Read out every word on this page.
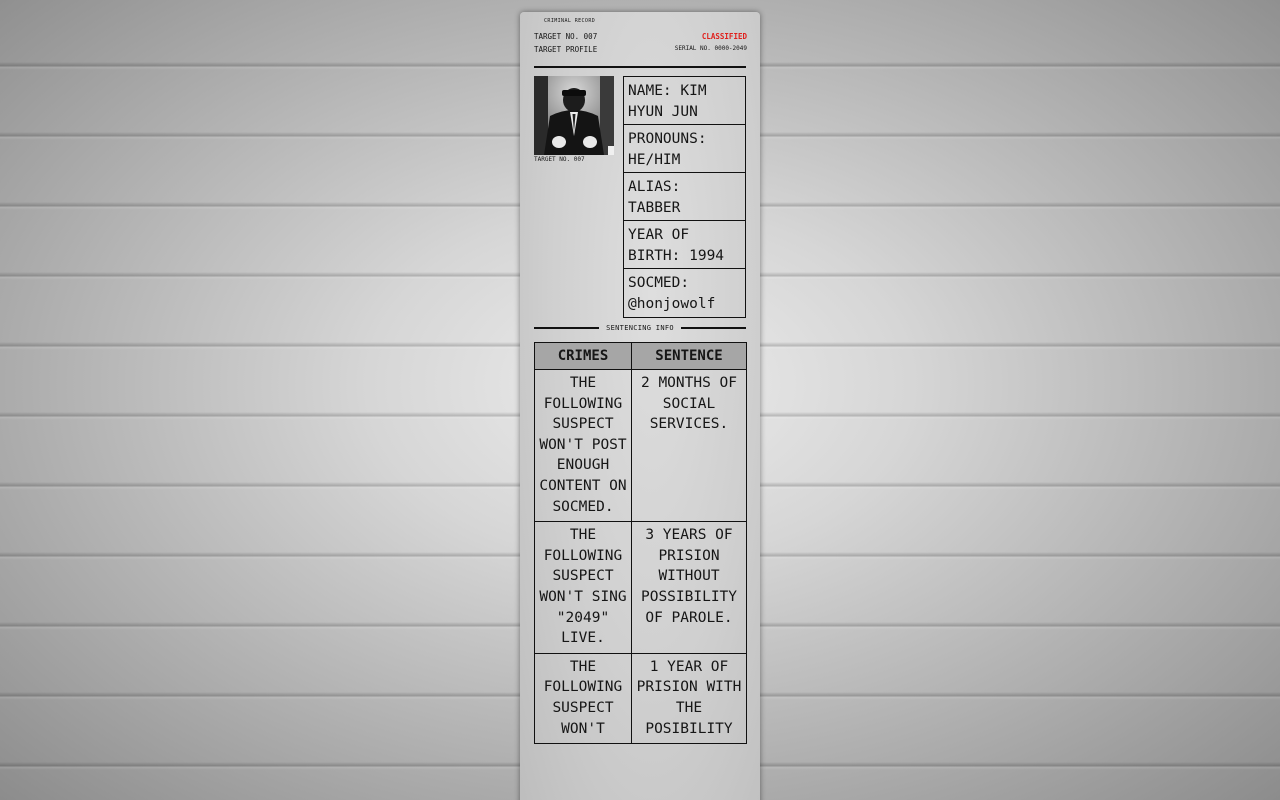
CRIMINAL RECORD
TARGET NO. 007	CLASSIFIED
TARGET PROFILE	SERIAL NO. 0000-2049
TARGET NO. 007
NAME: KIM HYUN JUN
PRONOUNS: HE/HIM
ALIAS: TABBER
YEAR OF BIRTH: 1994
SOCMED: @honjowolf
SENTENCING INFO
CRIMES	SENTENCE
THE FOLLOWING SUSPECT WON'T POST ENOUGH CONTENT ON SOCMED.	2 MONTHS OF SOCIAL SERVICES.
THE FOLLOWING SUSPECT WON'T SING "2049" LIVE.	3 YEARS OF PRISION WITHOUT POSSIBILITY OF PAROLE.
THE FOLLOWING SUSPECT WON'T	1 YEAR OF PRISION WITH THE POSIBILITY
